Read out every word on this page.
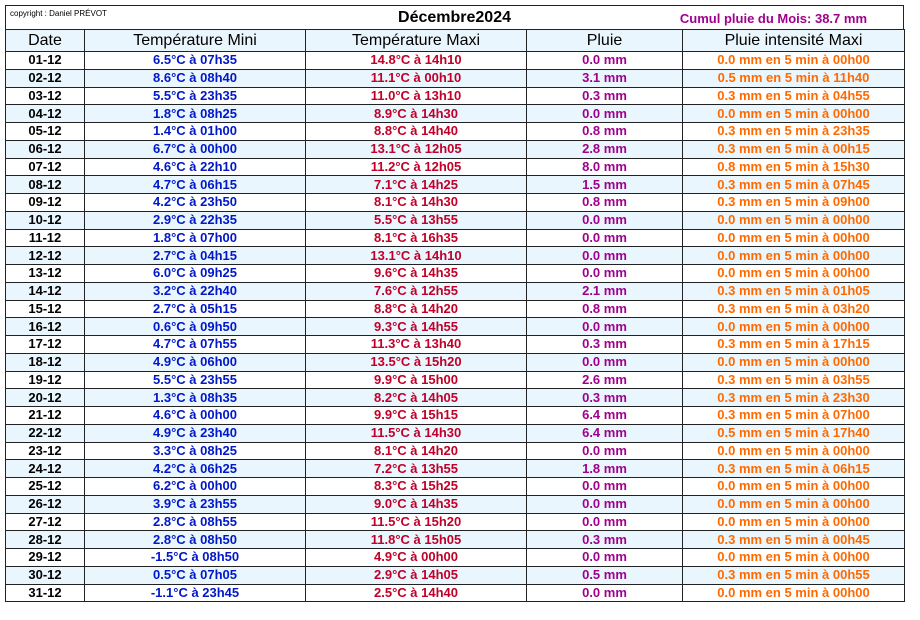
copyright : Daniel PRÉVOT	Décembre2024	Cumul pluie du Mois: 38.7 mm
Date	Température Mini	Température Maxi	Pluie	Pluie intensité Maxi
01-12	6.5°C à 07h35	14.8°C à 14h10	0.0 mm	0.0 mm en 5 min à 00h00
02-12	8.6°C à 08h40	11.1°C à 00h10	3.1 mm	0.5 mm en 5 min à 11h40
03-12	5.5°C à 23h35	11.0°C à 13h10	0.3 mm	0.3 mm en 5 min à 04h55
04-12	1.8°C à 08h25	8.9°C à 14h30	0.0 mm	0.0 mm en 5 min à 00h00
05-12	1.4°C à 01h00	8.8°C à 14h40	0.8 mm	0.3 mm en 5 min à 23h35
06-12	6.7°C à 00h00	13.1°C à 12h05	2.8 mm	0.3 mm en 5 min à 00h15
07-12	4.6°C à 22h10	11.2°C à 12h05	8.0 mm	0.8 mm en 5 min à 15h30
08-12	4.7°C à 06h15	7.1°C à 14h25	1.5 mm	0.3 mm en 5 min à 07h45
09-12	4.2°C à 23h50	8.1°C à 14h30	0.8 mm	0.3 mm en 5 min à 09h00
10-12	2.9°C à 22h35	5.5°C à 13h55	0.0 mm	0.0 mm en 5 min à 00h00
11-12	1.8°C à 07h00	8.1°C à 16h35	0.0 mm	0.0 mm en 5 min à 00h00
12-12	2.7°C à 04h15	13.1°C à 14h10	0.0 mm	0.0 mm en 5 min à 00h00
13-12	6.0°C à 09h25	9.6°C à 14h35	0.0 mm	0.0 mm en 5 min à 00h00
14-12	3.2°C à 22h40	7.6°C à 12h55	2.1 mm	0.3 mm en 5 min à 01h05
15-12	2.7°C à 05h15	8.8°C à 14h20	0.8 mm	0.3 mm en 5 min à 03h20
16-12	0.6°C à 09h50	9.3°C à 14h55	0.0 mm	0.0 mm en 5 min à 00h00
17-12	4.7°C à 07h55	11.3°C à 13h40	0.3 mm	0.3 mm en 5 min à 17h15
18-12	4.9°C à 06h00	13.5°C à 15h20	0.0 mm	0.0 mm en 5 min à 00h00
19-12	5.5°C à 23h55	9.9°C à 15h00	2.6 mm	0.3 mm en 5 min à 03h55
20-12	1.3°C à 08h35	8.2°C à 14h05	0.3 mm	0.3 mm en 5 min à 23h30
21-12	4.6°C à 00h00	9.9°C à 15h15	6.4 mm	0.3 mm en 5 min à 07h00
22-12	4.9°C à 23h40	11.5°C à 14h30	6.4 mm	0.5 mm en 5 min à 17h40
23-12	3.3°C à 08h25	8.1°C à 14h20	0.0 mm	0.0 mm en 5 min à 00h00
24-12	4.2°C à 06h25	7.2°C à 13h55	1.8 mm	0.3 mm en 5 min à 06h15
25-12	6.2°C à 00h00	8.3°C à 15h25	0.0 mm	0.0 mm en 5 min à 00h00
26-12	3.9°C à 23h55	9.0°C à 14h35	0.0 mm	0.0 mm en 5 min à 00h00
27-12	2.8°C à 08h55	11.5°C à 15h20	0.0 mm	0.0 mm en 5 min à 00h00
28-12	2.8°C à 08h50	11.8°C à 15h05	0.3 mm	0.3 mm en 5 min à 00h45
29-12	-1.5°C à 08h50	4.9°C à 00h00	0.0 mm	0.0 mm en 5 min à 00h00
30-12	0.5°C à 07h05	2.9°C à 14h05	0.5 mm	0.3 mm en 5 min à 00h55
31-12	-1.1°C à 23h45	2.5°C à 14h40	0.0 mm	0.0 mm en 5 min à 00h00
